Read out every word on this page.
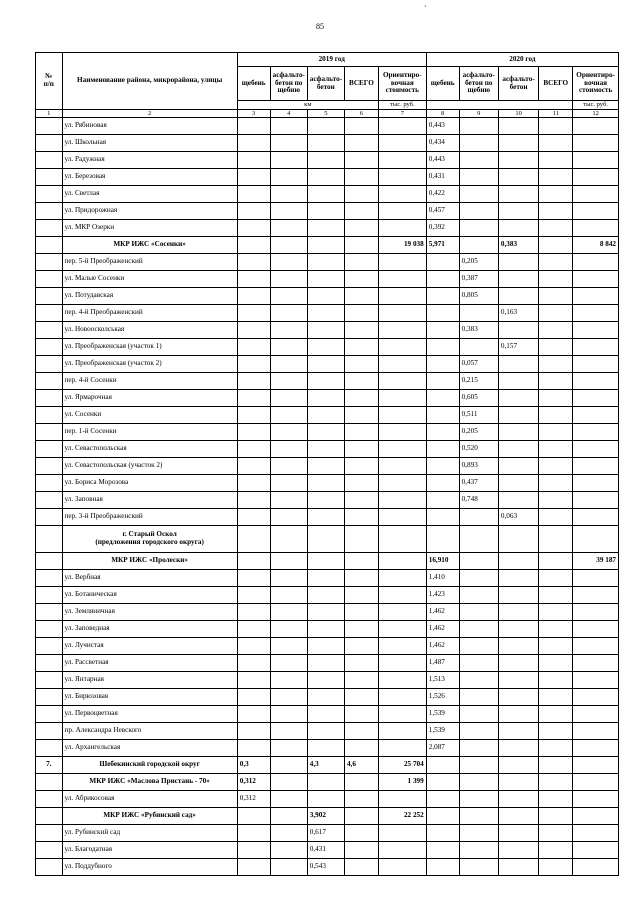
85
·
№
п/п	Наименование района, микрорайона, улицы	2019 год					2020 год				
		щебень	асфальто-бетон по щебню	асфальто-бетон	ВСЕГО	Ориентиро-вочная стоимость	щебень	асфальто-бетон по щебню	асфальто-бетон	ВСЕГО	Ориентиро-вочная стоимость
		км				тыс. руб.					тыс. руб.
1	2	3	4	5	6	7	8	9	10	11	12
	ул. Рябиновая						0,443				
	ул. Школьная						0,434				
	ул. Радужная						0,443				
	ул. Березовая						0,431				
	ул. Светлая						0,422				
	ул. Придорожная						0,457				
	ул. МКР Озерки						0,392				
	МКР ИЖС «Сосенки»					19 038	5,971		0,383		8 842
	пер. 5-й Преображенский							0,205			
	ул. Малые Сосенки							0,387			
	ул. Потудавская							0,805			
	пер. 4-й Преображенский								0,163		
	ул. Новоосколськая							0,383			
	ул. Преображенская (участок 1)								0,157		
	ул. Преображенская (участок 2)							0,057			
	пер. 4-й Сосенки							0,215			
	ул. Ярмарочная							0,605			
	ул. Сосенки							0,511			
	пер. 1-й Сосенки							0,205			
	ул. Севастопольская							0,520			
	ул. Севастопольская (участок 2)							0,893			
	ул. Бориса Морозова							0,437			
	ул. Заповная							0,748			
	пер. 3-й Преображенский								0,063		
	г. Старый Оскол
(предложения городского округа)										
	МКР ИЖС «Пролески»						16,910				39 187
	ул. Вербная						1,410				
	ул. Ботаническая						1,423				
	ул. Земляничная						1,462				
	ул. Заповедная						1,462				
	ул. Лучистая						1,462				
	ул. Рассветная						1,487				
	ул. Янтарная						1,513				
	ул. Бирюзовая						1,526				
	ул. Первоцветная						1,539				
	пр. Александра Невского						1,539				
	ул. Архангельская						2,087				
7.	Шебекинский городской округ	0,3		4,3	4,6	25 704					
	МКР ИЖС «Маслова Пристань - 70»	0,312				1 399					
	ул. Абрикосовая	0,312									
	МКР ИЖС «Рубинский сад»			3,902		22 252					
	ул. Рубинский сад			0,617							
	ул. Благодатная			0,431							
	ул. Поддубного			0,543							
